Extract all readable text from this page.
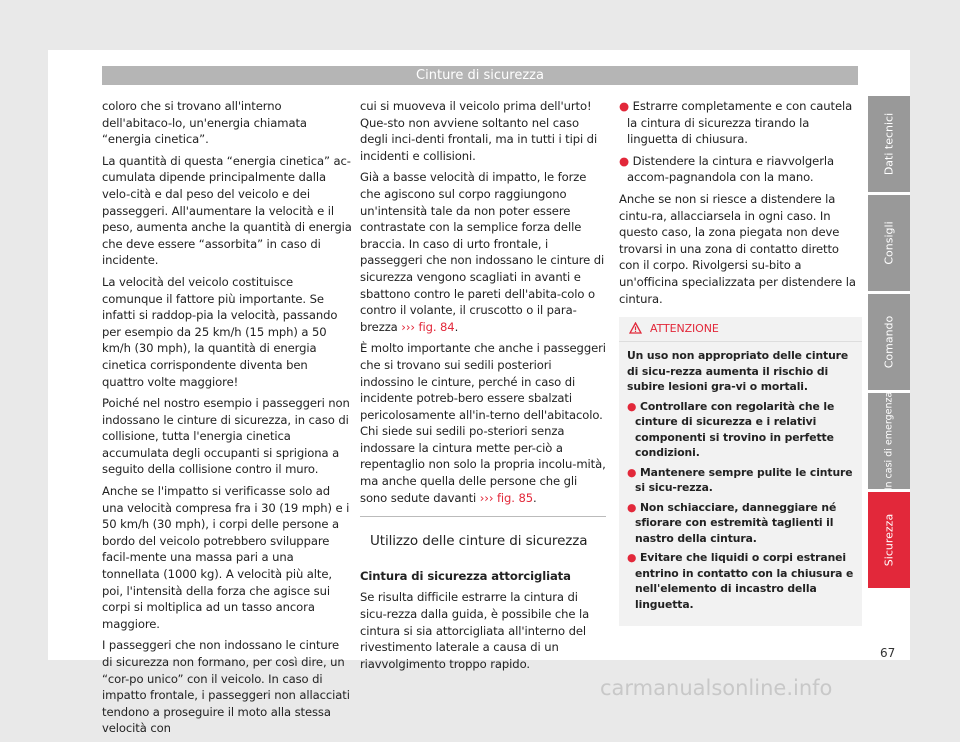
Cinture di sicurezza

coloro che si trovano all'interno dell'abitaco-lo, un'energia chiamata “energia cinetica”.

La quantità di questa “energia cinetica” ac-cumulata dipende principalmente dalla velo-cità e dal peso del veicolo e dei passeggeri. All'aumentare la velocità e il peso, aumenta anche la quantità di energia che deve essere “assorbita” in caso di incidente.

La velocità del veicolo costituisce comunque il fattore più importante. Se infatti si raddop-pia la velocità, passando per esempio da 25 km/h (15 mph) a 50 km/h (30 mph), la quantità di energia cinetica corrispondente diventa ben quattro volte maggiore!

Poiché nel nostro esempio i passeggeri non indossano le cinture di sicurezza, in caso di collisione, tutta l'energia cinetica accumulata degli occupanti si sprigiona a seguito della collisione contro il muro.

Anche se l'impatto si verificasse solo ad una velocità compresa fra i 30 (19 mph) e i 50 km/h (30 mph), i corpi delle persone a bordo del veicolo potrebbero sviluppare facil-mente una massa pari a una tonnellata (1000 kg). A velocità più alte, poi, l'intensità della forza che agisce sui corpi si moltiplica ad un tasso ancora maggiore.

I passeggeri che non indossano le cinture di sicurezza non formano, per così dire, un “cor-po unico” con il veicolo. In caso di impatto frontale, i passeggeri non allacciati tendono a proseguire il moto alla stessa velocità con

cui si muoveva il veicolo prima dell'urto! Que-sto non avviene soltanto nel caso degli inci-denti frontali, ma in tutti i tipi di incidenti e collisioni.

Già a basse velocità di impatto, le forze che agiscono sul corpo raggiungono un'intensità tale da non poter essere contrastate con la semplice forza delle braccia. In caso di urto frontale, i passeggeri che non indossano le cinture di sicurezza vengono scagliati in avanti e sbattono contro le pareti dell'abita-colo o contro il volante, il cruscotto o il para-brezza ››› fig. 84.

È molto importante che anche i passeggeri che si trovano sui sedili posteriori indossino le cinture, perché in caso di incidente potreb-bero essere sbalzati pericolosamente all'in-terno dell'abitacolo. Chi siede sui sedili po-steriori senza indossare la cintura mette per-ciò a repentaglio non solo la propria incolu-mità, ma anche quella delle persone che gli sono sedute davanti ››› fig. 85.

Utilizzo delle cinture di sicurezza

Cintura di sicurezza attorcigliata

Se risulta difficile estrarre la cintura di sicu-rezza dalla guida, è possibile che la cintura si sia attorcigliata all'interno del rivestimento laterale a causa di un riavvolgimento troppo rapido.

● Estrarre completamente e con cautela la cintura di sicurezza tirando la linguetta di chiusura.

● Distendere la cintura e riavvolgerla accom-pagnandola con la mano.

Anche se non si riesce a distendere la cintu-ra, allacciarsela in ogni caso. In questo caso, la zona piegata non deve trovarsi in una zona di contatto diretto con il corpo. Rivolgersi su-bito a un'officina specializzata per distendere la cintura.

ATTENZIONE

Un uso non appropriato delle cinture di sicu-rezza aumenta il rischio di subire lesioni gra-vi o mortali.

● Controllare con regolarità che le cinture di sicurezza e i relativi componenti si trovino in perfette condizioni.

● Mantenere sempre pulite le cinture si sicu-rezza.

● Non schiacciare, danneggiare né sfiorare con estremità taglienti il nastro della cintura.

● Evitare che liquidi o corpi estranei entrino in contatto con la chiusura e nell'elemento di incastro della linguetta.

Dati tecnici
Consigli
Comando
In casi di emergenza
Sicurezza
67
carmanualsonline.info
